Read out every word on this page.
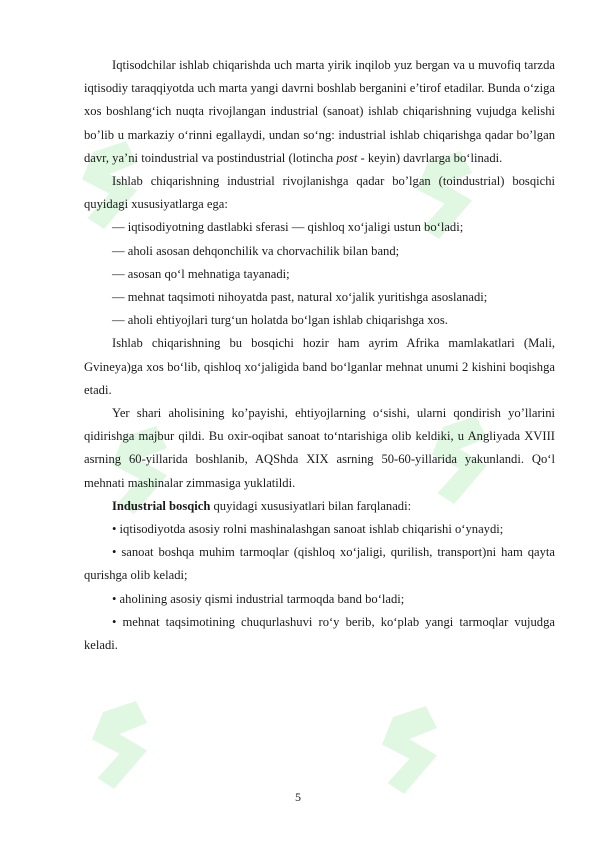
Iqtisodchilar ishlab chiqarishda uch marta yirik inqilob yuz bergan va u muvofiq tarzda iqtisodiy taraqqiyotda uch marta yangi davrni boshlab berganini e’tirof etadilar. Bunda o‘ziga xos boshlang‘ich nuqta rivojlangan industrial (sanoat) ishlab chiqarishning vujudga kelishi bo’lib u markaziy o‘rinni egallaydi, undan so‘ng: industrial ishlab chiqarishga qadar bo’lgan davr, ya’ni toindustrial va postindustrial (lotincha post - keyin) davrlarga bo‘linadi.

Ishlab chiqarishning industrial rivojlanishga qadar bo’lgan (toindustrial) bosqichi quyidagi xususiyatlarga ega:

— iqtisodiyotning dastlabki sferasi — qishloq xo‘jaligi ustun bo‘ladi;

— aholi asosan dehqonchilik va chorvachilik bilan band;

— asosan qo‘l mehnatiga tayanadi;

— mehnat taqsimoti nihoyatda past, natural xo‘jalik yuritishga asoslanadi;

— aholi ehtiyojlari turg‘un holatda bo‘lgan ishlab chiqarishga xos.

Ishlab chiqarishning bu bosqichi hozir ham ayrim Afrika mamlakatlari (Mali, Gvineya)ga xos bo‘lib, qishloq xo‘jaligida band bo‘lganlar mehnat unumi 2 kishini boqishga etadi.

Yer shari aholisining ko’payishi, ehtiyojlarning o‘sishi, ularni qondirish yo’llarini qidirishga majbur qildi. Bu oxir-oqibat sanoat to‘ntarishiga olib keldiki, u Angliyada XVIII asrning 60-yillarida boshlanib, AQShda XIX asrning 50-60-yillarida yakunlandi. Qo‘l mehnati mashinalar zimmasiga yuklatildi.

Industrial bosqich quyidagi xususiyatlari bilan farqlanadi:

• iqtisodiyotda asosiy rolni mashinalashgan sanoat ishlab chiqarishi o‘ynaydi;

• sanoat boshqa muhim tarmoqlar (qishloq xo‘jaligi, qurilish, transport)ni ham qayta qurishga olib keladi;

• aholining asosiy qismi industrial tarmoqda band bo‘ladi;

• mehnat taqsimotining chuqurlashuvi ro‘y berib, ko‘plab yangi tarmoqlar vujudga keladi.

5
